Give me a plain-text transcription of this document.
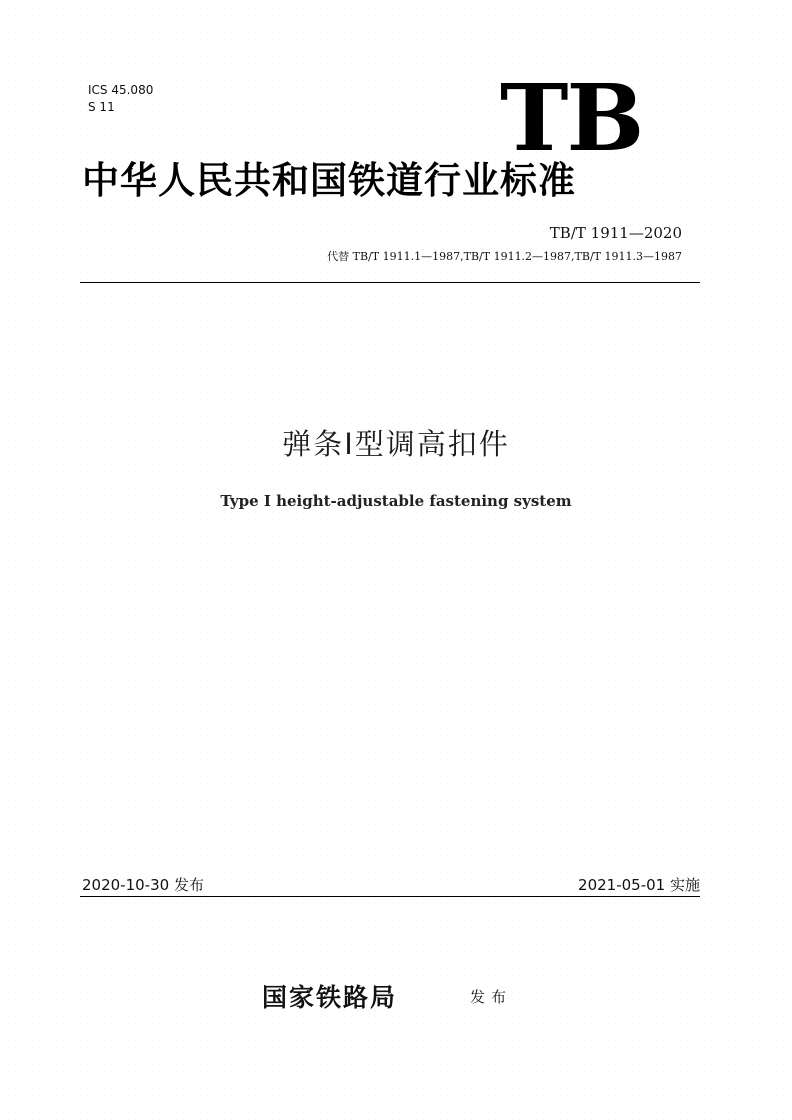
ICS 45.080
S 11	TB
中华人民共和国铁道行业标准
TB/T 1911—2020
代替 TB/T 1911.1—1987,TB/T 1911.2—1987,TB/T 1911.3—1987
弹条Ⅰ型调高扣件
Type Ⅰ height-adjustable fastening system
2020-10-30 发布	2021-05-01 实施
国家铁路局	发布
